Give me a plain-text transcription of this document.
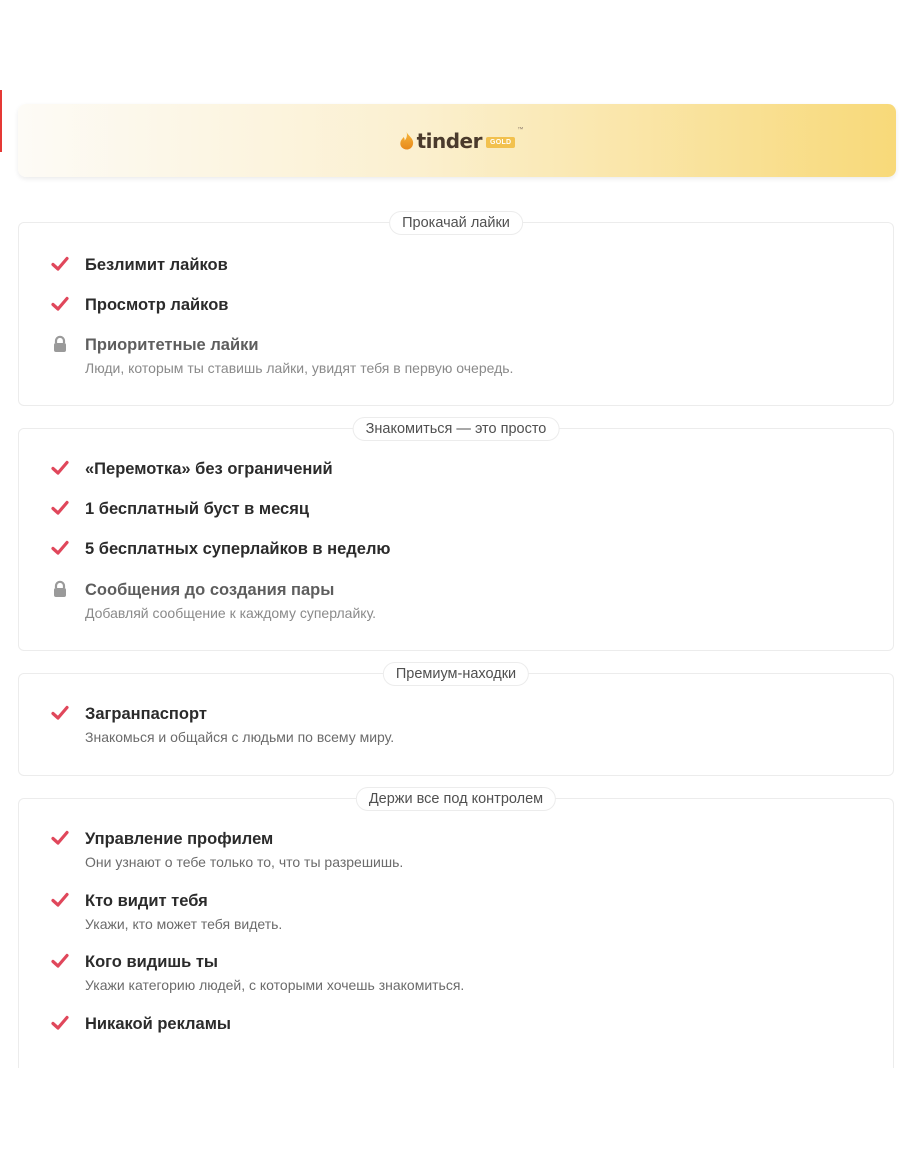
tinder	GOLD
™
Прокачай лайки
Безлимит лайков
Просмотр лайков
Приоритетные лайки
Люди, которым ты ставишь лайки, увидят тебя в первую очередь.
Знакомиться — это просто
«Перемотка» без ограничений
1 бесплатный буст в месяц
5 бесплатных суперлайков в неделю
Сообщения до создания пары
Добавляй сообщение к каждому суперлайку.
Премиум-находки
Загранпаспорт
Знакомься и общайся с людьми по всему миру.
Держи все под контролем
Управление профилем
Они узнают о тебе только то, что ты разрешишь.
Кто видит тебя
Укажи, кто может тебя видеть.
Кого видишь ты
Укажи категорию людей, с которыми хочешь знакомиться.
Никакой рекламы
